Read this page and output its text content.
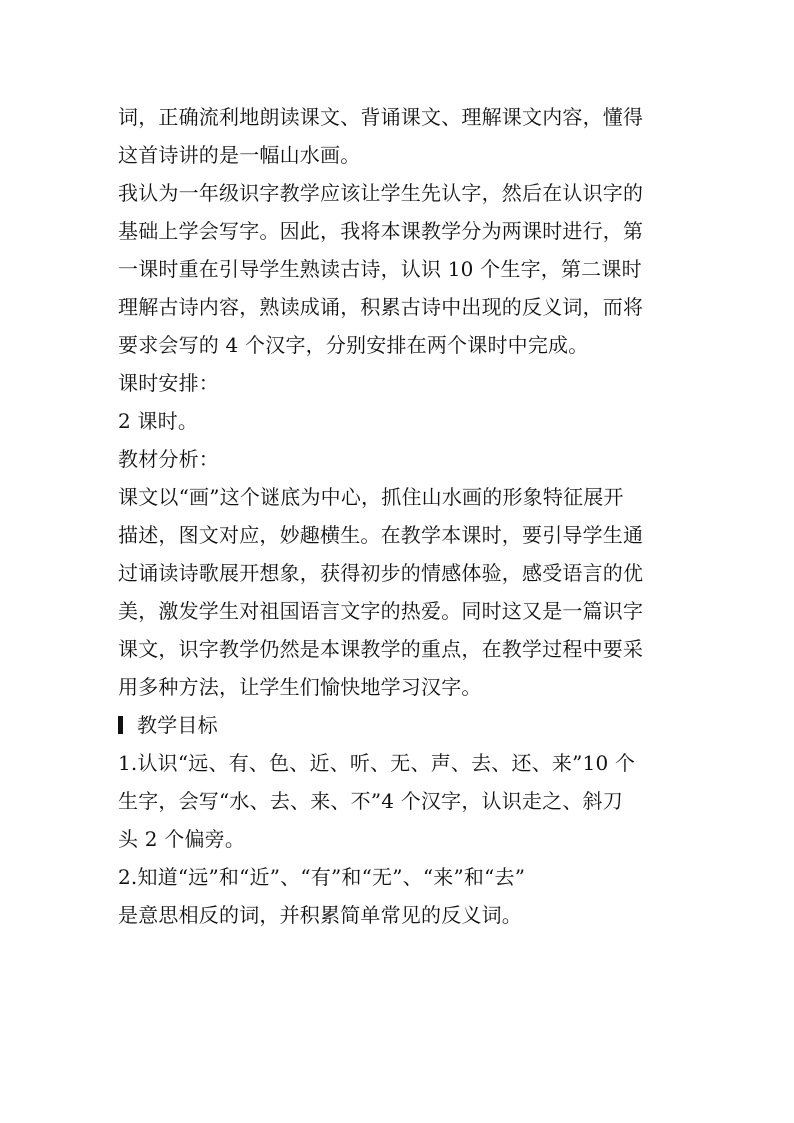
词，正确流利地朗读课文、背诵课文、理解课文内容，懂得
这首诗讲的是一幅山水画。
我认为一年级识字教学应该让学生先认字，然后在认识字的
基础上学会写字。因此，我将本课教学分为两课时进行，第
一课时重在引导学生熟读古诗，认识 10 个生字，第二课时
理解古诗内容，熟读成诵，积累古诗中出现的反义词，而将
要求会写的 4 个汉字，分别安排在两个课时中完成。
课时安排：
2 课时。
教材分析：
课文以“画”这个谜底为中心，抓住山水画的形象特征展开
描述，图文对应，妙趣横生。在教学本课时，要引导学生通
过诵读诗歌展开想象，获得初步的情感体验，感受语言的优
美，激发学生对祖国语言文字的热爱。同时这又是一篇识字
课文，识字教学仍然是本课教学的重点，在教学过程中要采
用多种方法，让学生们愉快地学习汉字。
教学目标
1.认识“远、有、色、近、听、无、声、去、还、来”10 个
生字，会写“水、去、来、不”4 个汉字，认识走之、斜刀
头 2 个偏旁。
2.知道“远”和“近”、“有”和“无”、“来”和“去”
是意思相反的词，并积累简单常见的反义词。
